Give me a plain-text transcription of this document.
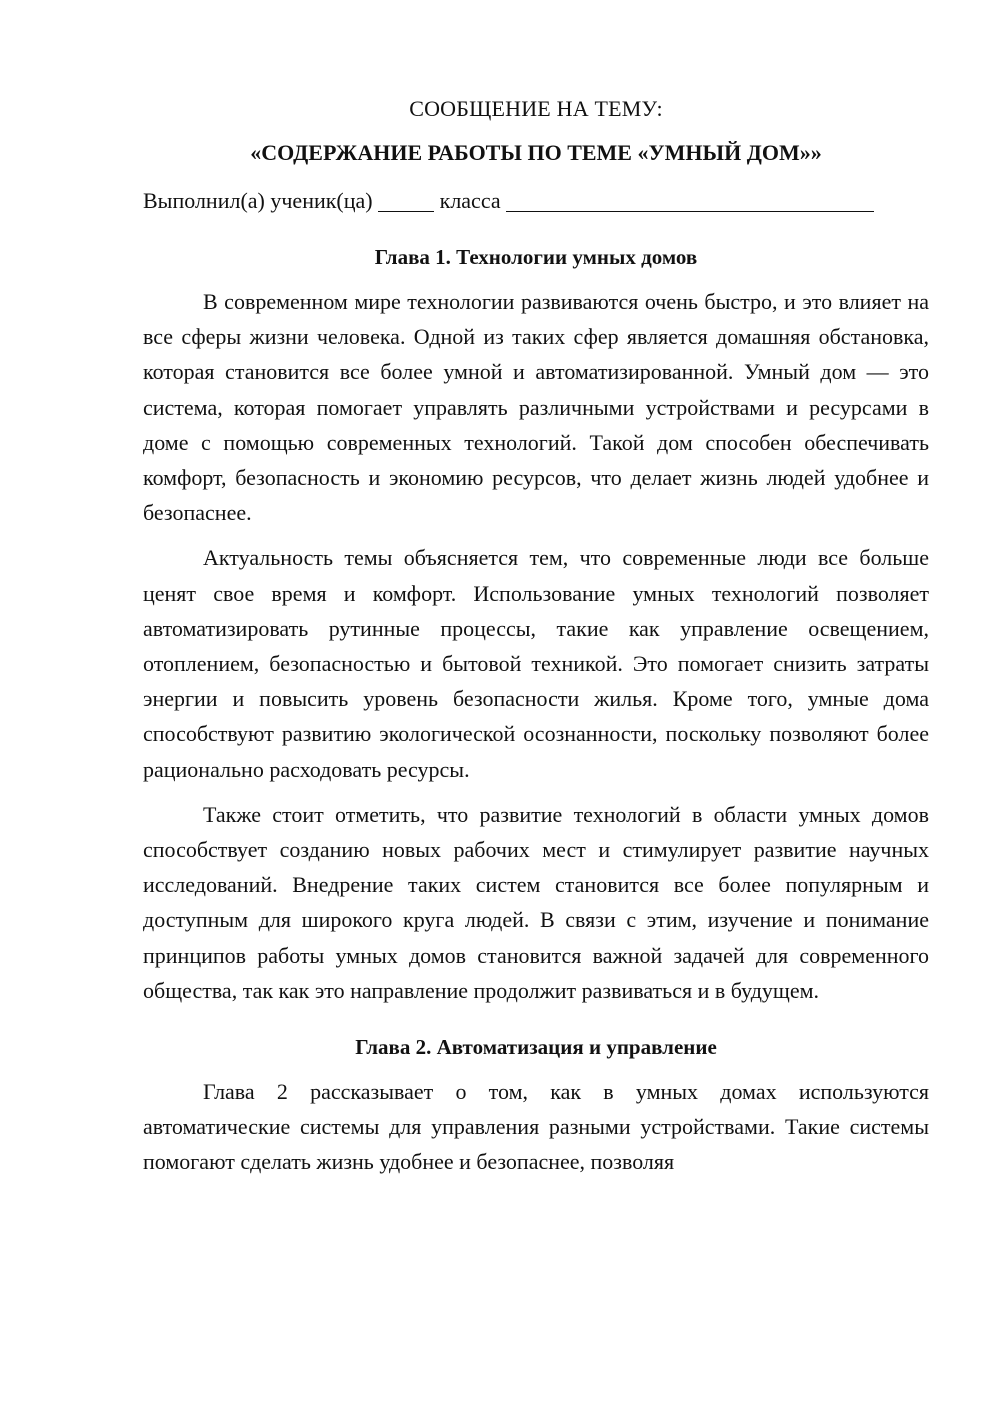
СООБЩЕНИЕ НА ТЕМУ:
«СОДЕРЖАНИЕ РАБОТЫ ПО ТЕМЕ «УМНЫЙ ДОМ»»
Выполнил(а) ученик(ца)	класса
Глава 1. Технологии умных домов

В современном мире технологии развиваются очень быстро, и это влияет на все сферы жизни человека. Одной из таких сфер является домашняя обстановка, которая становится все более умной и автоматизированной. Умный дом — это система, которая помогает управлять различными устройствами и ресурсами в доме с помощью современных технологий. Такой дом способен обеспечивать комфорт, безопасность и экономию ресурсов, что делает жизнь людей удобнее и безопаснее.

Актуальность темы объясняется тем, что современные люди все больше ценят свое время и комфорт. Использование умных технологий позволяет автоматизировать рутинные процессы, такие как управление освещением, отоплением, безопасностью и бытовой техникой. Это помогает снизить затраты энергии и повысить уровень безопасности жилья. Кроме того, умные дома способствуют развитию экологической осознанности, поскольку позволяют более рационально расходовать ресурсы.

Также стоит отметить, что развитие технологий в области умных домов способствует созданию новых рабочих мест и стимулирует развитие научных исследований. Внедрение таких систем становится все более популярным и доступным для широкого круга людей. В связи с этим, изучение и понимание принципов работы умных домов становится важной задачей для современного общества, так как это направление продолжит развиваться и в будущем.

Глава 2. Автоматизация и управление

Глава 2 рассказывает о том, как в умных домах используются автоматические системы для управления разными устройствами. Такие системы помогают сделать жизнь удобнее и безопаснее, позволяя
